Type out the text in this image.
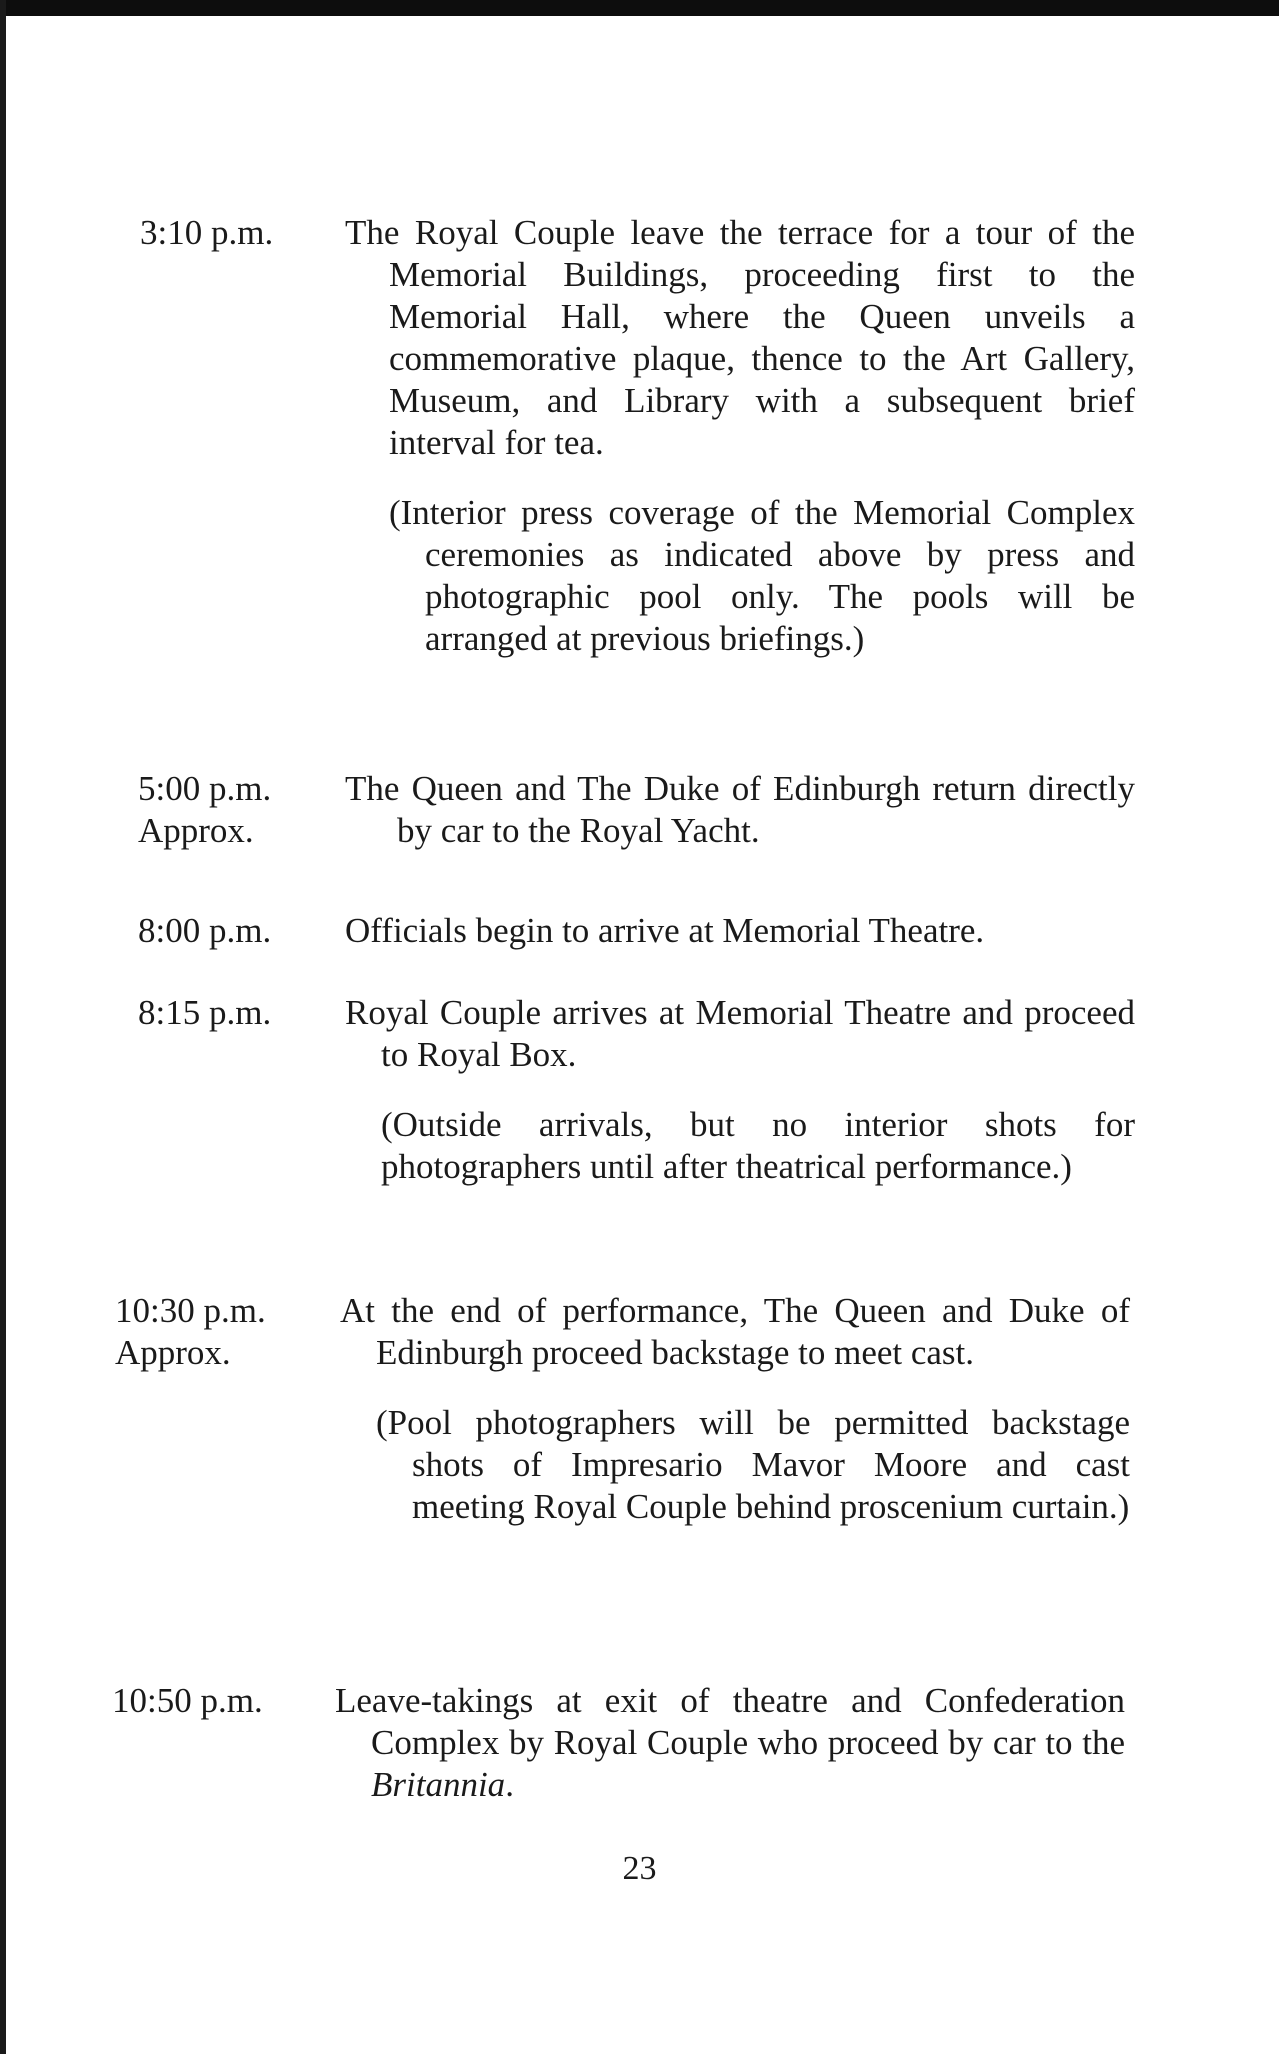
3:10 p.m. The Royal Couple leave the terrace for a tour of the Memorial Buildings, proceeding first to the Memorial Hall, where the Queen unveils a commemorative plaque, thence to the Art Gallery, Museum, and Library with a subsequent brief interval for tea.

(Interior press coverage of the Memorial Complex ceremonies as indicated above by press and photographic pool only. The pools will be arranged at previous briefings.)

5:00 p.m.
Approx.

The Queen and The Duke of Edinburgh return directly by car to the Royal Yacht.

8:00 p.m. Officials begin to arrive at Memorial Theatre.

8:15 p.m. Royal Couple arrives at Memorial Theatre and proceed to Royal Box.

(Outside arrivals, but no interior shots for photographers until after theatrical performance.)

10:30 p.m.
Approx.

At the end of performance, The Queen and Duke of Edinburgh proceed backstage to meet cast.

(Pool photographers will be permitted backstage shots of Impresario Mavor Moore and cast meeting Royal Couple behind proscenium curtain.)

10:50 p.m. Leave-takings at exit of theatre and Confederation Complex by Royal Couple who proceed by car to the Britannia.

23
